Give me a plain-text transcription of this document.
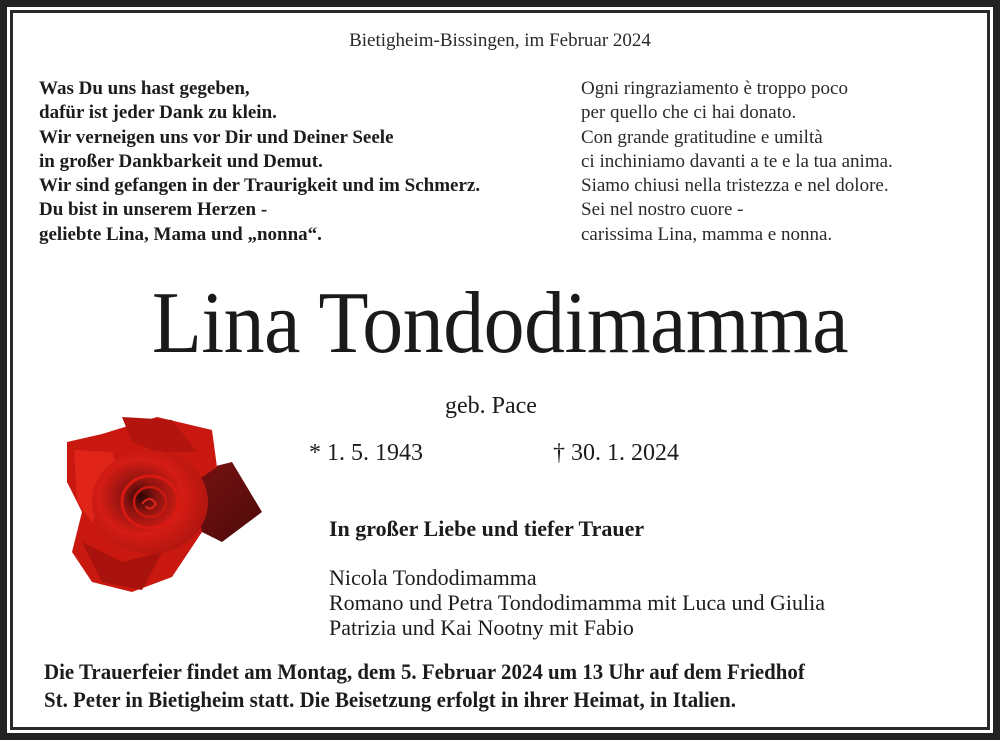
Bietigheim-Bissingen, im Februar 2024
Was Du uns hast gegeben,
dafür ist jeder Dank zu klein.
Wir verneigen uns vor Dir und Deiner Seele
in großer Dankbarkeit und Demut.
Wir sind gefangen in der Traurigkeit und im Schmerz.
Du bist in unserem Herzen -
geliebte Lina, Mama und „nonna“.
Ogni ringraziamento è troppo poco
per quello che ci hai donato.
Con grande gratitudine e umiltà
ci inchiniamo davanti a te e la tua anima.
Siamo chiusi nella tristezza e nel dolore.
Sei nel nostro cuore -
carissima Lina, mamma e nonna.
Lina Tondodimamma
geb. Pace
* 1. 5. 1943	† 30. 1. 2024
In großer Liebe und tiefer Trauer
Nicola Tondodimamma
Romano und Petra Tondodimamma mit Luca und Giulia
Patrizia und Kai Nootny mit Fabio
Die Trauerfeier findet am Montag, dem 5. Februar 2024 um 13 Uhr auf dem Friedhof
St. Peter in Bietigheim statt. Die Beisetzung erfolgt in ihrer Heimat, in Italien.
